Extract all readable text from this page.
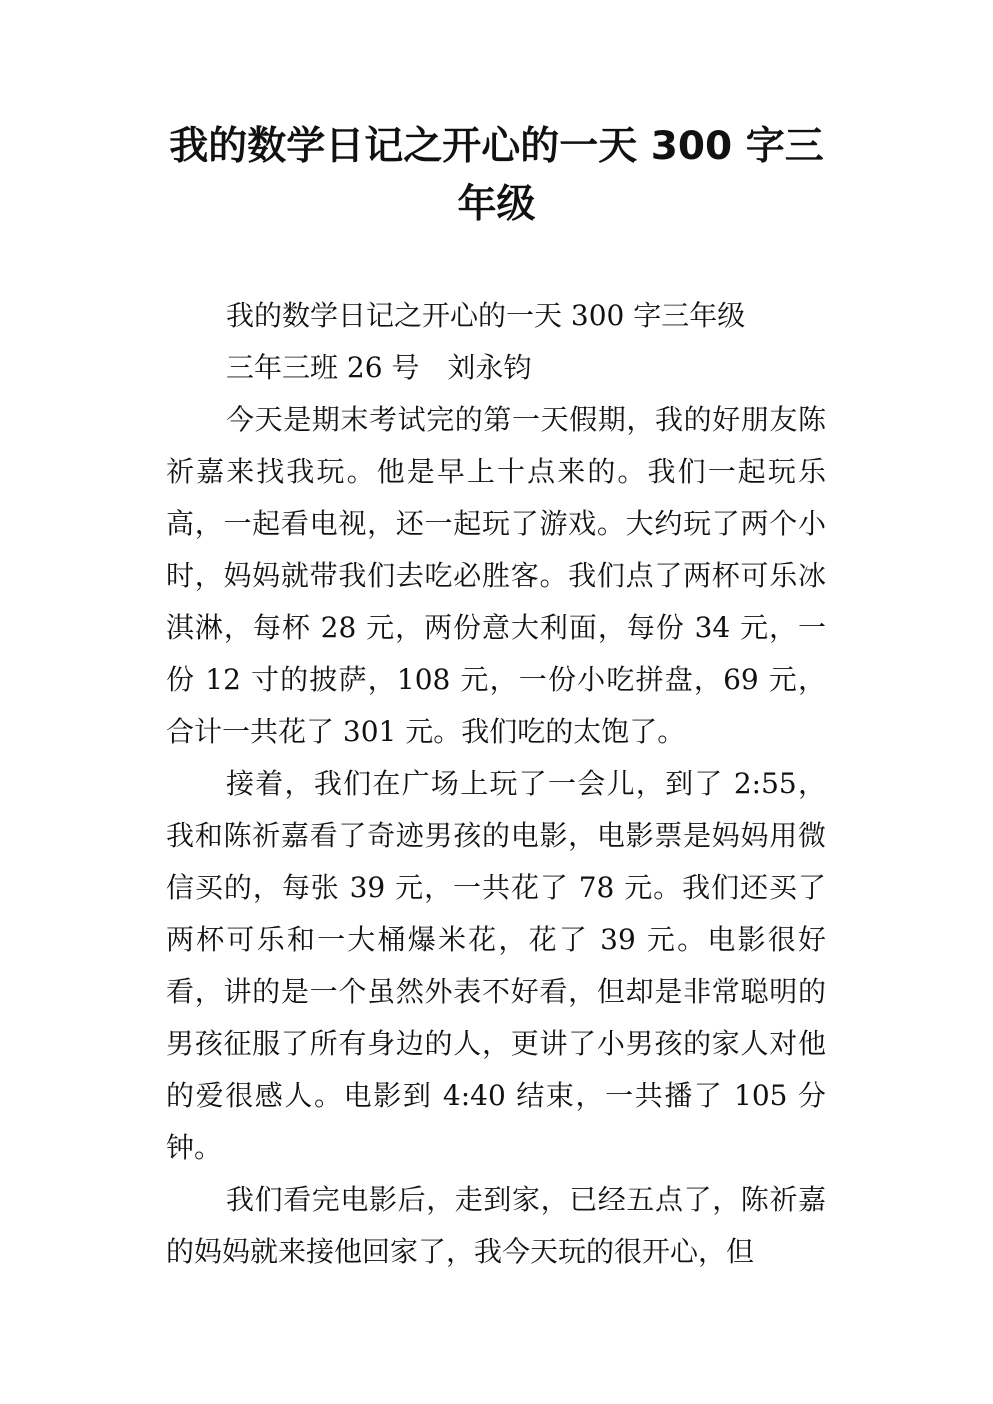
我的数学日记之开心的一天 300 字三
年级

我的数学日记之开心的一天 300 字三年级

三年三班 26 号　刘永钧

今天是期末考试完的第一天假期，我的好朋友陈祈嘉来找我玩。他是早上十点来的。我们一起玩乐高，一起看电视，还一起玩了游戏。大约玩了两个小时，妈妈就带我们去吃必胜客。我们点了两杯可乐冰淇淋，每杯 28 元，两份意大利面，每份 34 元，一份 12 寸的披萨，108 元，一份小吃拼盘，69 元，合计一共花了 301 元。我们吃的太饱了。

接着，我们在广场上玩了一会儿，到了 2:55，我和陈祈嘉看了奇迹男孩的电影，电影票是妈妈用微信买的，每张 39 元，一共花了 78 元。我们还买了两杯可乐和一大桶爆米花，花了 39 元。电影很好看，讲的是一个虽然外表不好看，但却是非常聪明的男孩征服了所有身边的人，更讲了小男孩的家人对他的爱很感人。电影到 4:40 结束，一共播了 105 分钟。

我们看完电影后，走到家，已经五点了，陈祈嘉的妈妈就来接他回家了，我今天玩的很开心，但
